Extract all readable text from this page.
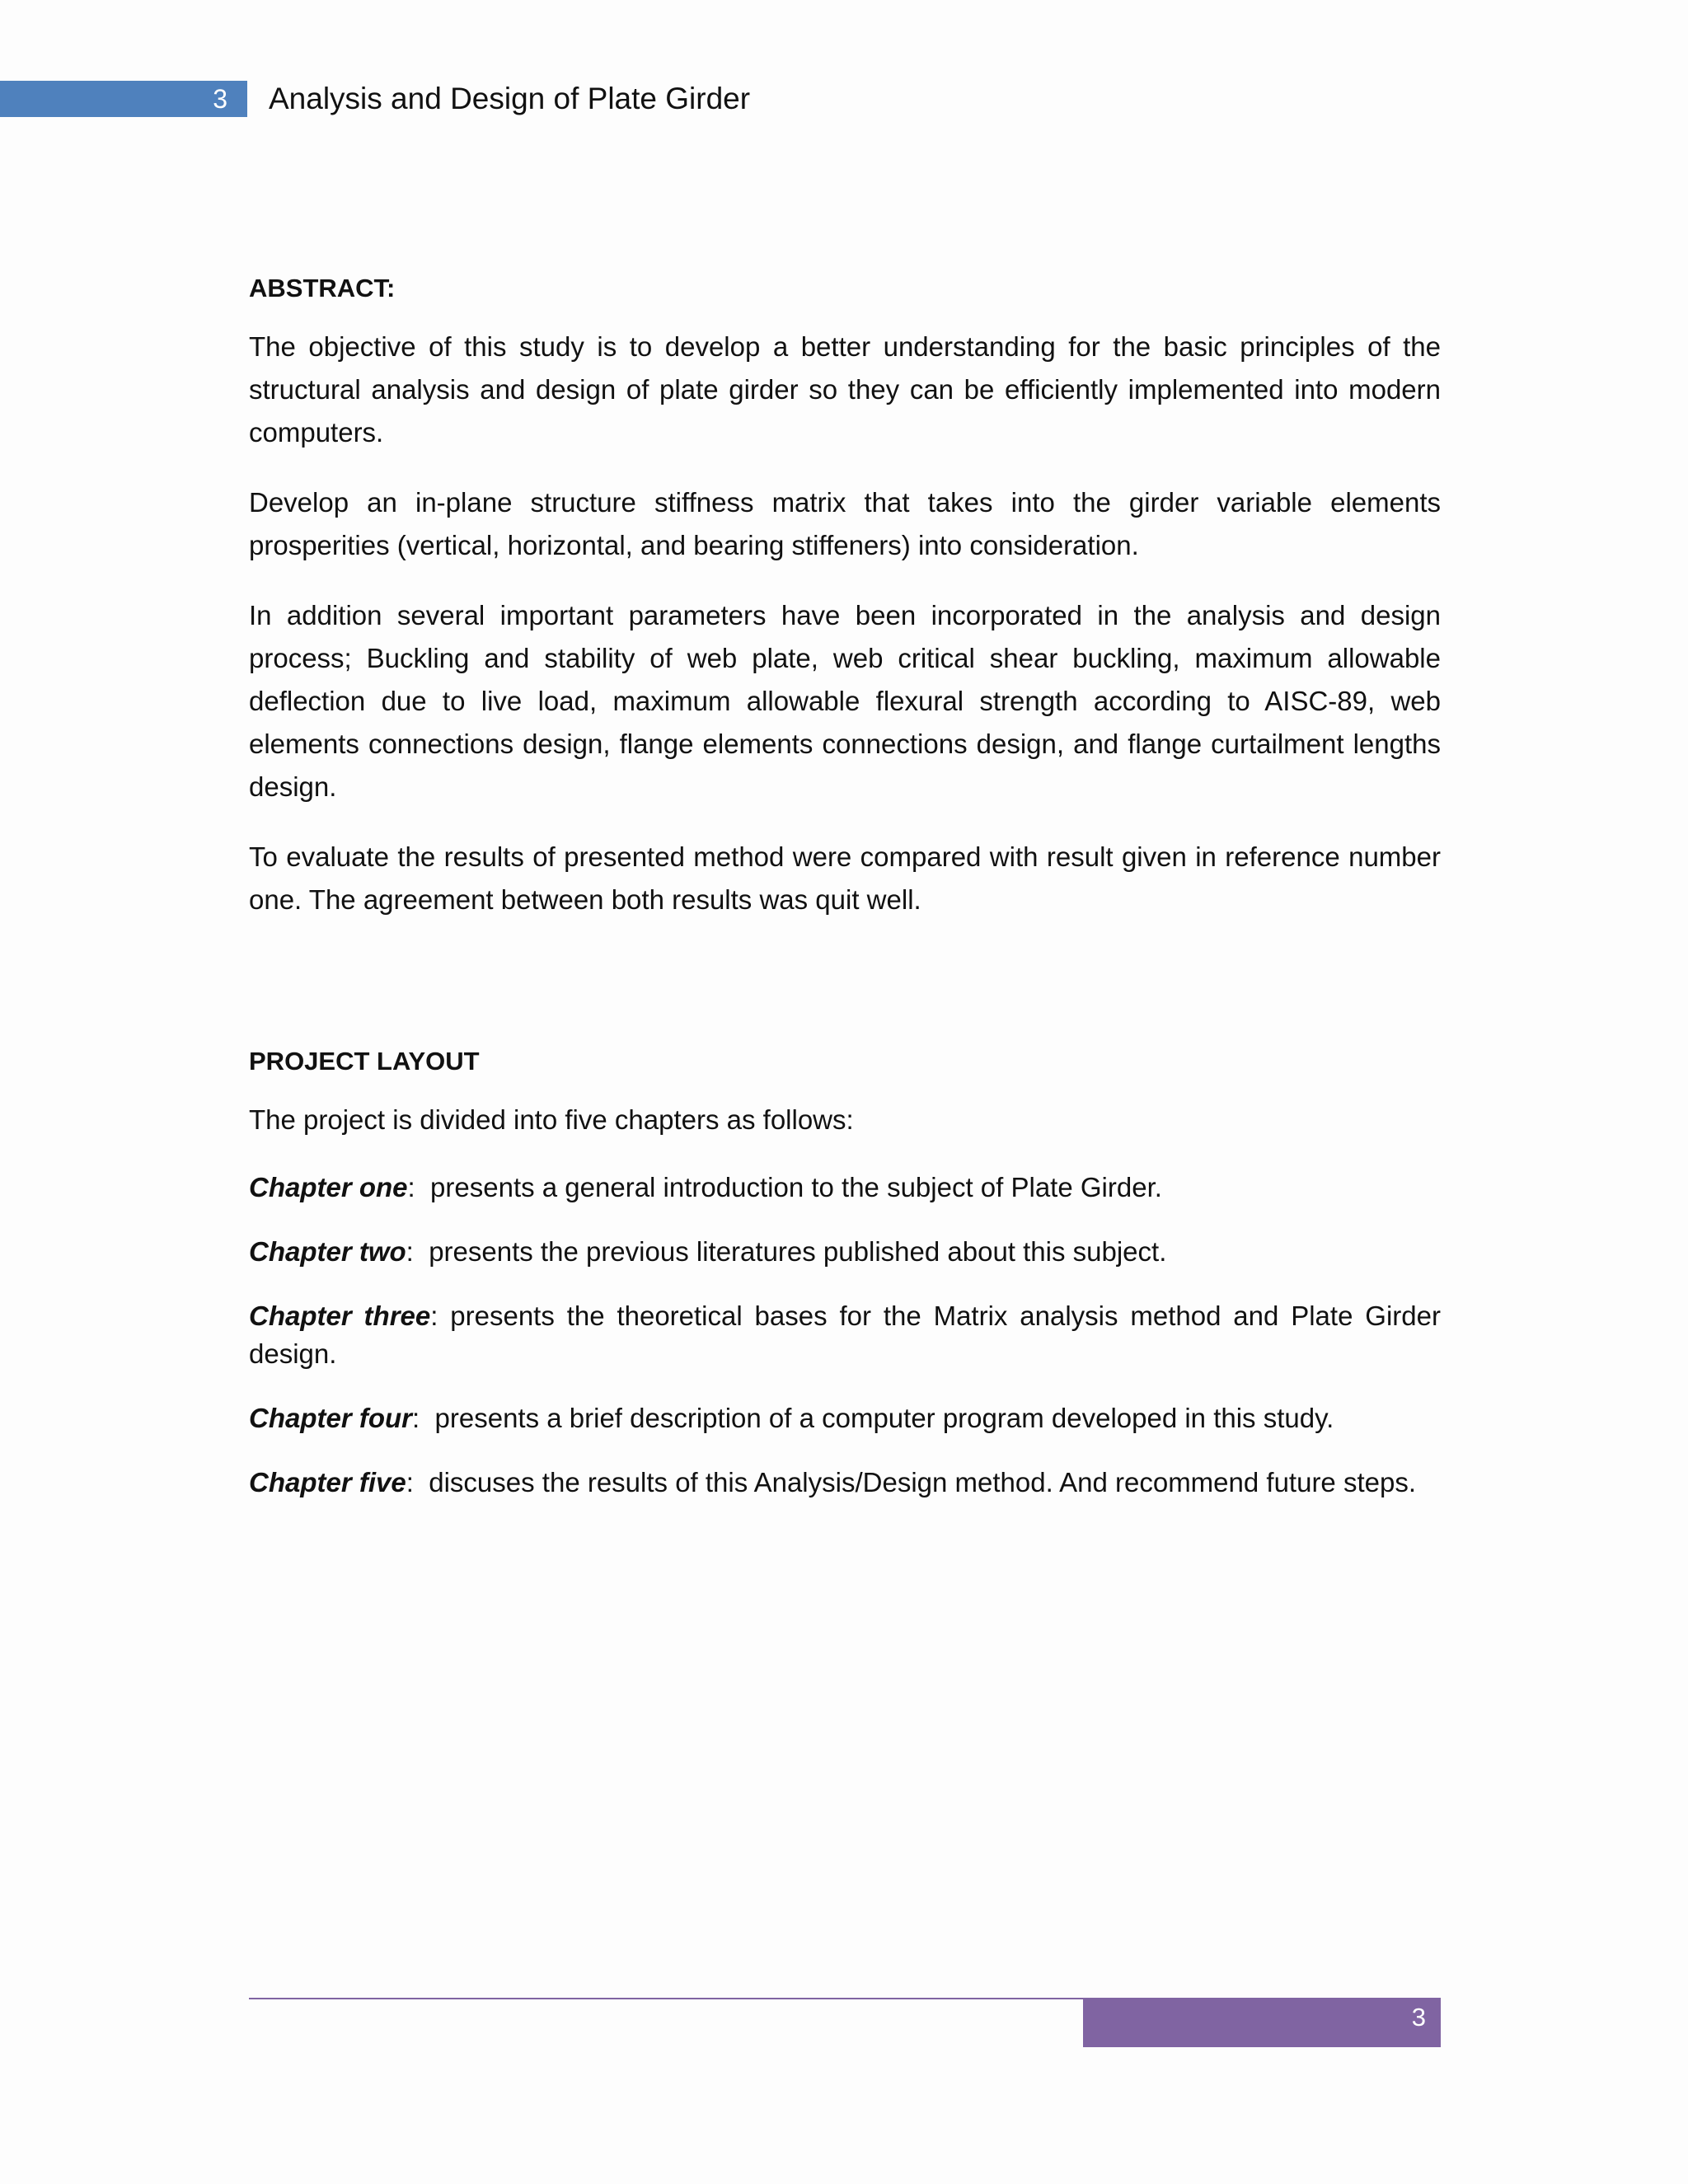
3 Analysis and Design of Plate Girder
ABSTRACT:

The objective of this study is to develop a better understanding for the basic principles of the structural analysis and design of plate girder so they can be efficiently implemented into modern computers.

Develop an in-plane structure stiffness matrix that takes into the girder variable elements prosperities (vertical, horizontal, and bearing stiffeners) into consideration.

In addition several important parameters have been incorporated in the analysis and design process; Buckling and stability of web plate, web critical shear buckling, maximum allowable deflection due to live load, maximum allowable flexural strength according to AISC-89, web elements connections design, flange elements connections design, and flange curtailment lengths design.

To evaluate the results of presented method were compared with result given in reference number one. The agreement between both results was quit well.

PROJECT LAYOUT

The project is divided into five chapters as follows:

Chapter one:  presents a general introduction to the subject of Plate Girder.

Chapter two:  presents the previous literatures published about this subject.

Chapter three: presents the theoretical bases for the Matrix analysis method and Plate Girder design.

Chapter four:  presents a brief description of a computer program developed in this study.

Chapter five:  discuses the results of this Analysis/Design method. And recommend future steps.

3
